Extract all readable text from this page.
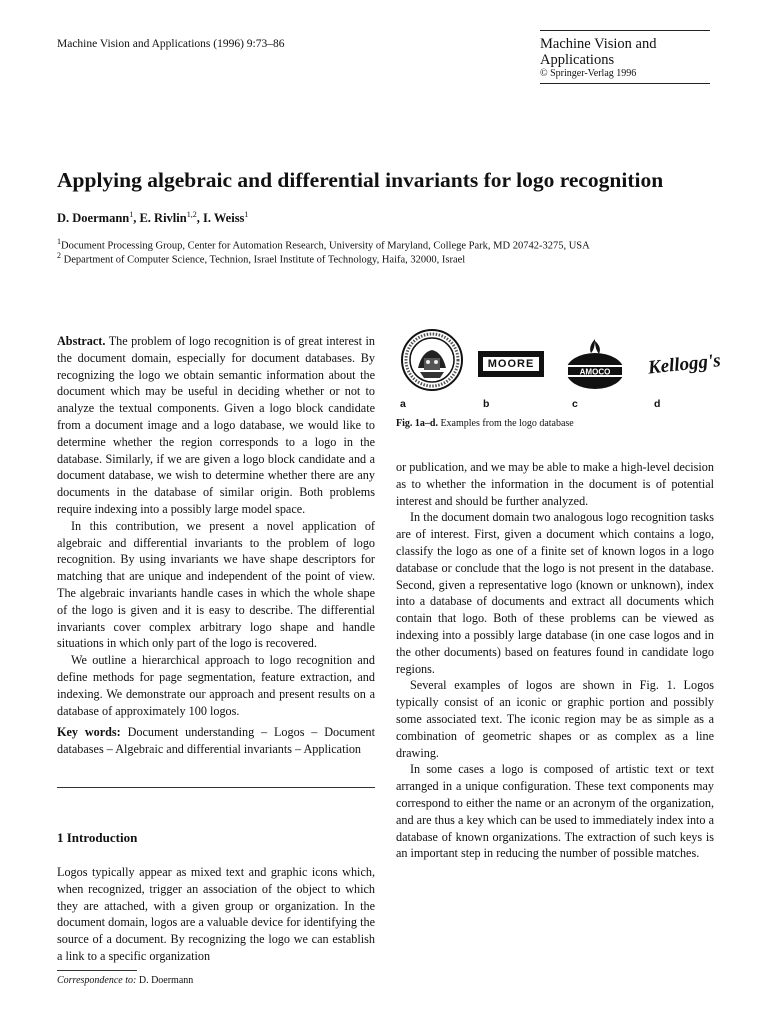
Machine Vision and Applications (1996) 9:73–86	Machine Vision and
Applications
© Springer-Verlag 1996
Applying algebraic and differential invariants for logo recognition
D. Doermann$^1$, E. Rivlin$^{1,2}$, I. Weiss$^1$
$^1$Document Processing Group, Center for Automation Research, University of Maryland, College Park, MD 20742-3275, USA
$^2$ Department of Computer Science, Technion, Israel Institute of Technology, Haifa, 32000, Israel

Abstract. The problem of logo recognition is of great interest in the document domain, especially for document databases. By recognizing the logo we obtain semantic information about the document which may be useful in deciding whether or not to analyze the textual components. Given a logo block candidate from a document image and a logo database, we would like to determine whether the region corresponds to a logo in the database. Similarly, if we are given a logo block candidate and a document database, we wish to determine whether there are any documents in the database of similar origin. Both problems require indexing into a possibly large model space.

In this contribution, we present a novel application of algebraic and differential invariants to the problem of logo recognition. By using invariants we have shape descriptors for matching that are unique and independent of the point of view. The algebraic invariants handle cases in which the whole shape of the logo is given and it is easy to describe. The differential invariants cover complex arbitrary logo shape and handle situations in which only part of the logo is recovered.

We outline a hierarchical approach to logo recognition and define methods for page segmentation, feature extraction, and indexing. We demonstrate our approach and present results on a database of approximately 100 logos.

Key words: Document understanding – Logos – Document databases – Algebraic and differential invariants – Application

1 Introduction
Logos typically appear as mixed text and graphic icons which, when recognized, trigger an association of the object to which they are attached, with a given group or organization. In the document domain, logos are a valuable device for identifying the source of a document. By recognizing the logo we can establish a link to a specific organization
Correspondence to: D. Doermann
a
MOORE
b
AMOCO
c
Kellogg's
d
Fig. 1a–d. Examples from the logo database

or publication, and we may be able to make a high-level decision as to whether the information in the document is of potential interest and should be further analyzed.

In the document domain two analogous logo recognition tasks are of interest. First, given a document which contains a logo, classify the logo as one of a finite set of known logos in a logo database or conclude that the logo is not present in the database. Second, given a representative logo (known or unknown), index into a database of documents and extract all documents which contain that logo. Both of these problems can be viewed as indexing into a possibly large database (in one case logos and in the other documents) based on features found in candidate logo regions.

Several examples of logos are shown in Fig. 1. Logos typically consist of an iconic or graphic portion and possibly some associated text. The iconic region may be as simple as a combination of geometric shapes or as complex as a line drawing.

In some cases a logo is composed of artistic text or text arranged in a unique configuration. These text components may correspond to either the name or an acronym of the organization, and are thus a key which can be used to immediately index into a database of known organizations. The extraction of such keys is an important step in reducing the number of possible matches.
